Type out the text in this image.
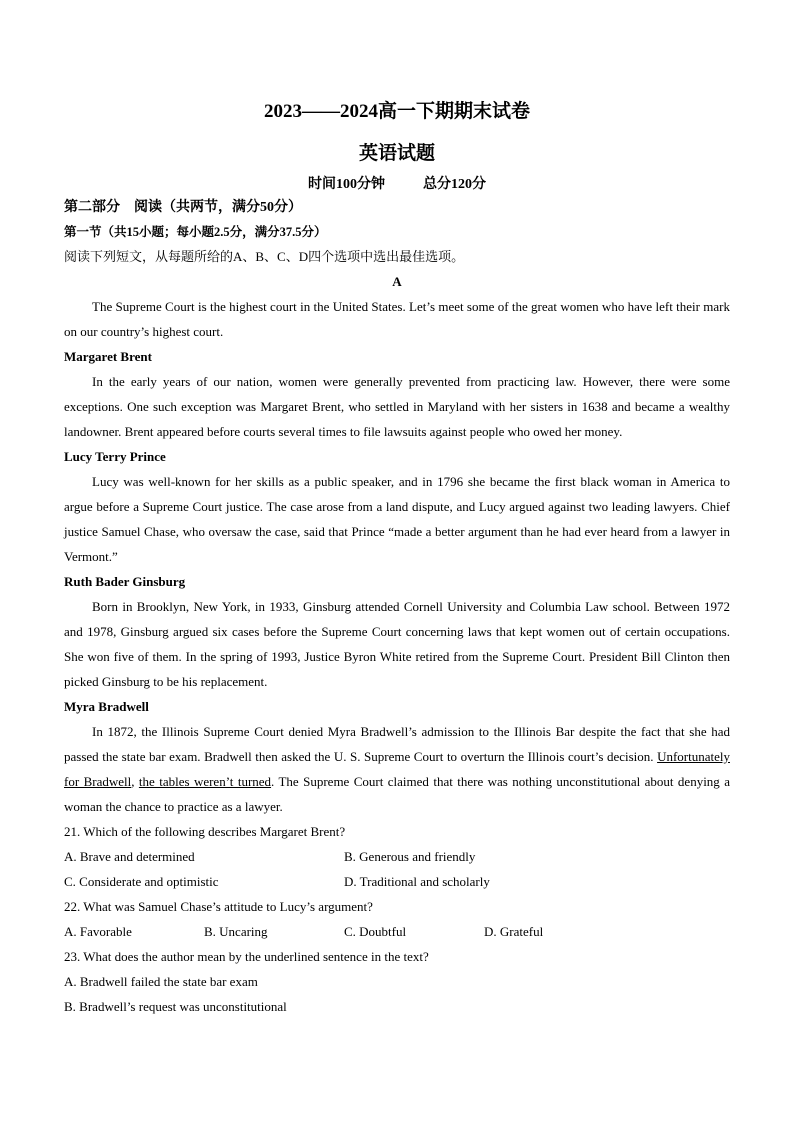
2023——2024高一下期期末试卷
英语试题
时间100分钟	总分120分

第二部分　阅读（共两节，满分50分）

第一节（共15小题；每小题2.5分，满分37.5分）

阅读下列短文，从每题所给的A、B、C、D四个选项中选出最佳选项。

A

The Supreme Court is the highest court in the United States. Let’s meet some of the great women who have left their mark on our country’s highest court.

Margaret Brent

In the early years of our nation, women were generally prevented from practicing law. However, there were some exceptions. One such exception was Margaret Brent, who settled in Maryland with her sisters in 1638 and became a wealthy landowner. Brent appeared before courts several times to file lawsuits against people who owed her money.

Lucy Terry Prince

Lucy was well-known for her skills as a public speaker, and in 1796 she became the first black woman in America to argue before a Supreme Court justice. The case arose from a land dispute, and Lucy argued against two leading lawyers. Chief justice Samuel Chase, who oversaw the case, said that Prince “made a better argument than he had ever heard from a lawyer in Vermont.”

Ruth Bader Ginsburg

Born in Brooklyn, New York, in 1933, Ginsburg attended Cornell University and Columbia Law school. Between 1972 and 1978, Ginsburg argued six cases before the Supreme Court concerning laws that kept women out of certain occupations. She won five of them. In the spring of 1993, Justice Byron White retired from the Supreme Court. President Bill Clinton then picked Ginsburg to be his replacement.

Myra Bradwell

In 1872, the Illinois Supreme Court denied Myra Bradwell’s admission to the Illinois Bar despite the fact that she had passed the state bar exam. Bradwell then asked the U. S. Supreme Court to overturn the Illinois court’s decision. Unfortunately for Bradwell, the tables weren’t turned. The Supreme Court claimed that there was nothing unconstitutional about denying a woman the chance to practice as a lawyer.

21. Which of the following describes Margaret Brent?

A. Brave and determined	B. Generous and friendly
C. Considerate and optimistic	D. Traditional and scholarly

22. What was Samuel Chase’s attitude to Lucy’s argument?

A. Favorable	B. Uncaring	C. Doubtful	D. Grateful

23. What does the author mean by the underlined sentence in the text?

A. Bradwell failed the state bar exam

B. Bradwell’s request was unconstitutional
